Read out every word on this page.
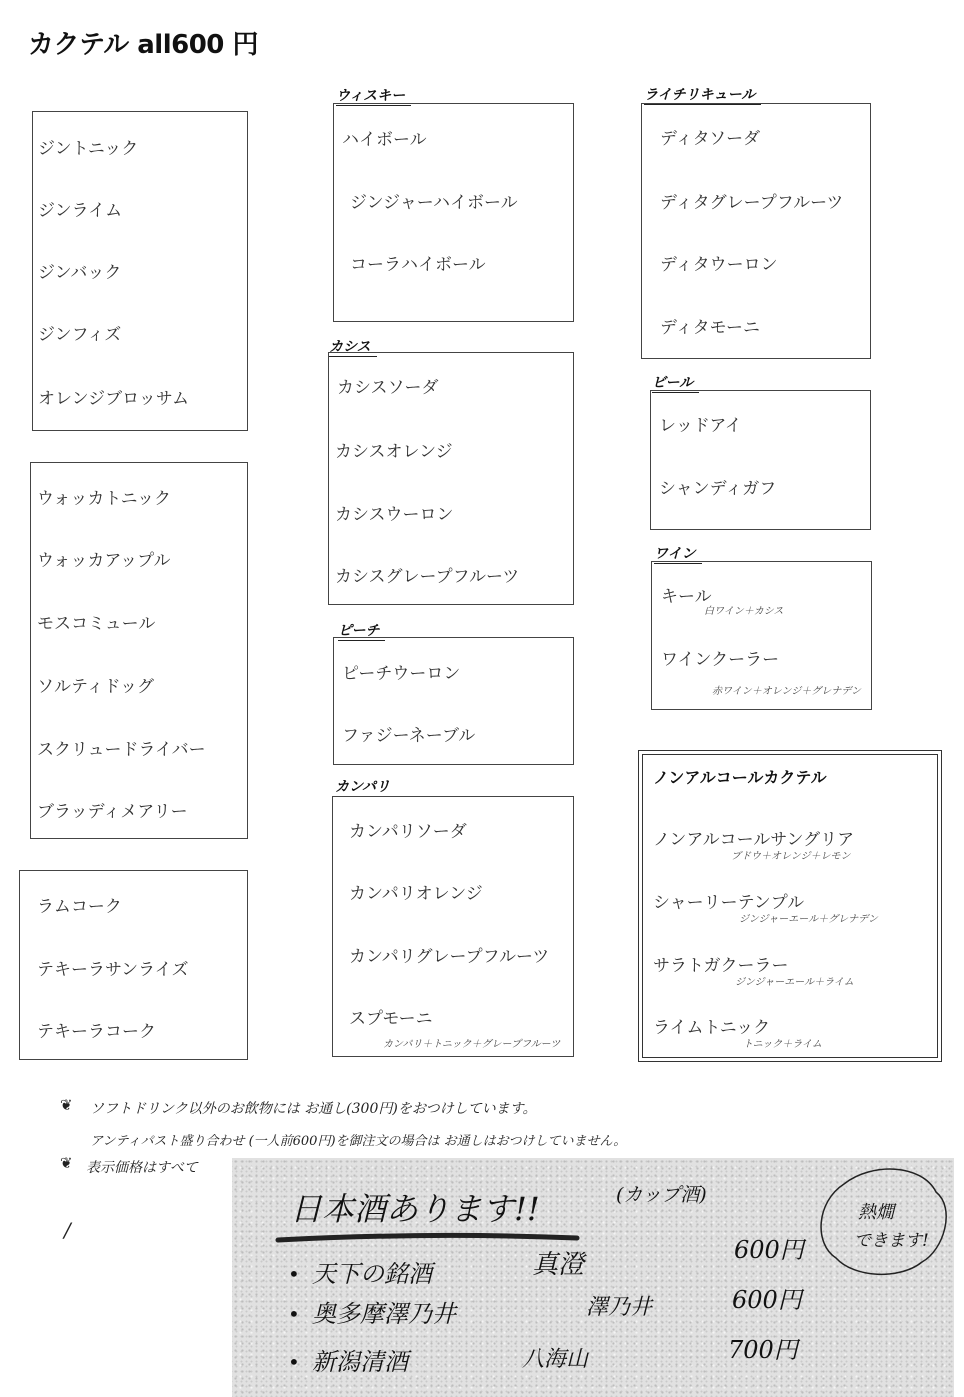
カクテル all600 円
ジントニック
ジンライム
ジンバック
ジンフィズ
オレンジブロッサム
ウォッカトニック
ウォッカアップル
モスコミュール
ソルティドッグ
スクリュードライバー
ブラッディメアリー
ラムコーク
テキーラサンライズ
テキーラコーク
ウィスキー
ハイボール
ジンジャーハイボール
コーラハイボール
カシス
カシスソーダ
カシスオレンジ
カシスウーロン
カシスグレープフルーツ
ピーチ
ピーチウーロン
ファジーネーブル
カンパリ
カンパリソーダ
カンパリオレンジ
カンパリグレープフルーツ
スプモーニ
カンパリ＋トニック＋グレープフルーツ
ライチリキュール
ディタソーダ
ディタグレープフルーツ
ディタウーロン
ディタモーニ
ビール
レッドアイ
シャンディガフ
ワイン
キール
白ワイン＋カシス
ワインクーラー
赤ワイン＋オレンジ＋グレナデン
ノンアルコールカクテル
ノンアルコールサングリア
ブドウ＋オレンジ＋レモン
シャーリーテンプル
ジンジャーエール＋グレナデン
サラトガクーラー
ジンジャーエール＋ライム
ライムトニック
トニック＋ライム
❦ ソフトドリンク以外のお飲物には お通し(300円)をおつけしています。
アンティパスト盛り合わせ (一人前600円)を御注文の場合は お通しはおつけしていません。
❦ 表示価格はすべて
/
日本酒あります!!	(カップ酒)
熱燗
できます!
• 天下の銘酒	真澄	600円
• 奥多摩澤乃井	澤乃井	600円
• 新潟清酒	八海山	700円
